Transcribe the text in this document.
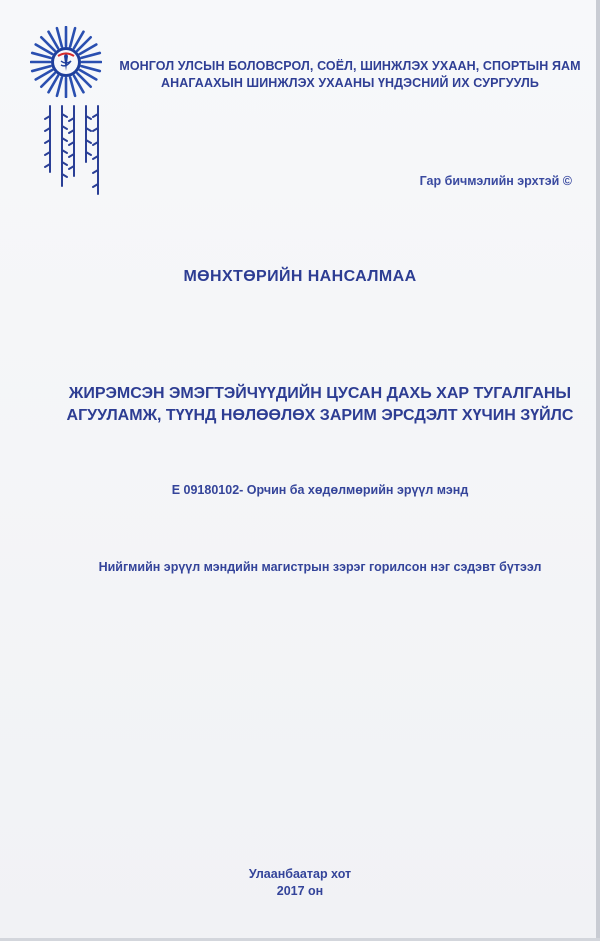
МОНГОЛ УЛСЫН БОЛОВСРОЛ, СОЁЛ, ШИНЖЛЭХ УХААН, СПОРТЫН ЯАМ
АНАГААХЫН ШИНЖЛЭХ УХААНЫ ҮНДЭСНИЙ ИХ СУРГУУЛЬ
Гар бичмэлийн эрхтэй ©
МӨНХТӨРИЙН НАНСАЛМАА
ЖИРЭМСЭН ЭМЭГТЭЙЧҮҮДИЙН ЦУСАН ДАХЬ ХАР ТУГАЛГАНЫ
АГУУЛАМЖ, ТҮҮНД НӨЛӨӨЛӨХ ЗАРИМ ЭРСДЭЛТ ХҮЧИН ЗҮЙЛС
Е 09180102- Орчин ба хөдөлмөрийн эрүүл мэнд
Нийгмийн эрүүл мэндийн магистрын зэрэг горилсон нэг сэдэвт бүтээл
Улаанбаатар хот
2017 он
